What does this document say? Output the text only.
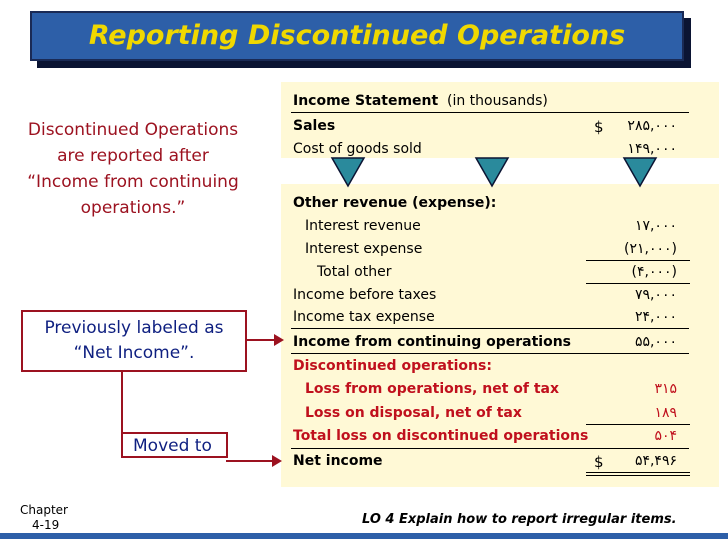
Reporting Discontinued Operations
Discontinued Operations
are reported after
“Income from continuing
operations.”
Previously labeled as
“Net Income”.
Moved to
Income Statement (in thousands)
Sales	$ ۲۸۵,۰۰۰
Cost of goods sold	۱۴۹,۰۰۰
Other revenue (expense):
Interest revenue	۱۷,۰۰۰
Interest expense	(۲۱,۰۰۰)
Total other	(۴,۰۰۰)
Income before taxes	۷۹,۰۰۰
Income tax expense	۲۴,۰۰۰
Income from continuing operations	۵۵,۰۰۰
Discontinued operations:
Loss from operations, net of tax	۳۱۵
Loss on disposal, net of tax	۱۸۹
Total loss on discontinued operations	۵۰۴
Net income	$ ۵۴,۴۹۶
Chapter
4-19	LO 4 Explain how to report irregular items.
